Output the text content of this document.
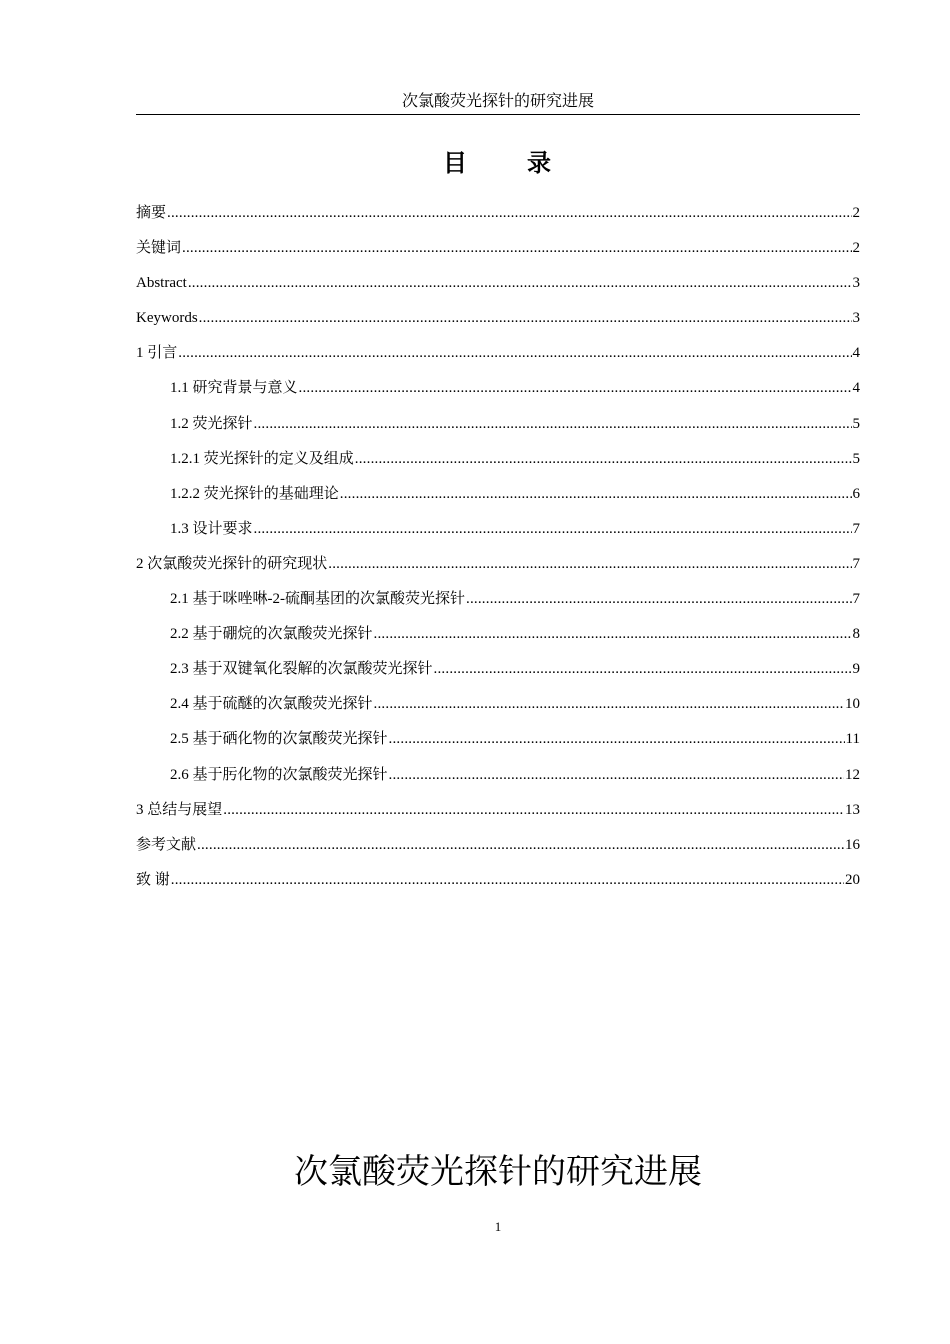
次氯酸荧光探针的研究进展
目 录
摘要 .....	2
关键词 .....	2
Abstract .....	3
Keywords .....	3
1 引言 .....	4
1.1 研究背景与意义 .....	4
1.2 荧光探针 .....	5
1.2.1 荧光探针的定义及组成 .....	5
1.2.2 荧光探针的基础理论 .....	6
1.3 设计要求 .....	7
2 次氯酸荧光探针的研究现状 .....	7
2.1 基于咪唑啉-2-硫酮基团的次氯酸荧光探针 .....	7
2.2 基于硼烷的次氯酸荧光探针 .....	8
2.3 基于双键氧化裂解的次氯酸荧光探针 .....	9
2.4 基于硫醚的次氯酸荧光探针 .....	10
2.5 基于硒化物的次氯酸荧光探针 .....	11
2.6 基于肟化物的次氯酸荧光探针 .....	12
3 总结与展望 .....	13
参考文献 .....	16
致 谢 .....	20
次氯酸荧光探针的研究进展
1
